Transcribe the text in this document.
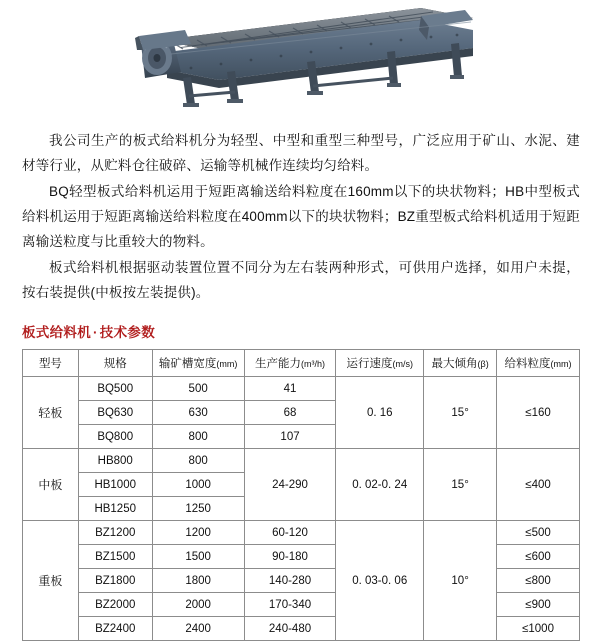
我公司生产的板式给料机分为轻型、中型和重型三种型号，广泛应用于矿山、水泥、建材等行业，从贮料仓往破碎、运输等机械作连续均匀给料。

BQ轻型板式给料机运用于短距离输送给料粒度在160mm以下的块状物料；HB中型板式给料机运用于短距离输送给料粒度在400mm以下的块状物料；BZ重型板式给料机适用于短距离输送粒度与比重较大的物料。

板式给料机根据驱动装置位置不同分为左右装两种形式，可供用户选择，如用户未提，按右装提供(中板按左装提供)。

板式给料机 · 技术参数
型号	规格	输矿槽宽度(mm)	生产能力(m³/h)	运行速度(m/s)	最大倾角(β)	给料粒度(mm)
轻板	BQ500	500	41	0. 16	15°	≤160
	BQ630	630	68			
	BQ800	800	107			
中板	HB800	800	24-290	0. 02-0. 24	15°	≤400
	HB1000	1000				
	HB1250	1250				
重板	BZ1200	1200	60-120	0. 03-0. 06	10°	≤500
	BZ1500	1500	90-180			≤600
	BZ1800	1800	140-280			≤800
	BZ2000	2000	170-340			≤900
	BZ2400	2400	240-480			≤1000
